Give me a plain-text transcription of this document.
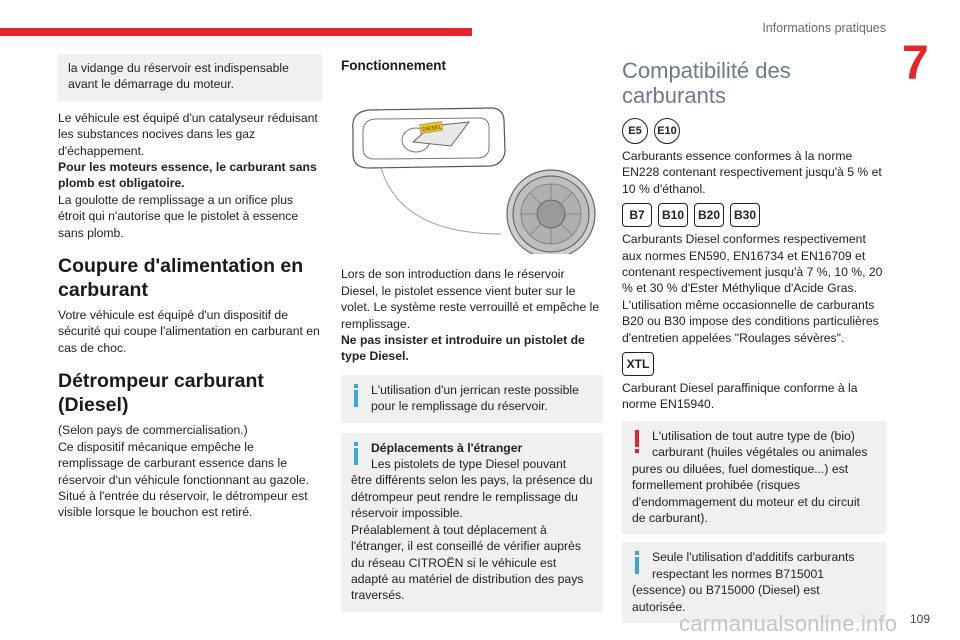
Informations pratiques
7

la vidange du réservoir est indispensable avant le démarrage du moteur.

Le véhicule est équipé d'un catalyseur réduisant les substances nocives dans les gaz d'échappement.

Pour les moteurs essence, le carburant sans plomb est obligatoire.

La goulotte de remplissage a un orifice plus étroit qui n'autorise que le pistolet à essence sans plomb.

Coupure d'alimentation en carburant

Votre véhicule est équipé d'un dispositif de sécurité qui coupe l'alimentation en carburant en cas de choc.

Détrompeur carburant (Diesel)

(Selon pays de commercialisation.)

Ce dispositif mécanique empêche le remplissage de carburant essence dans le réservoir d'un véhicule fonctionnant au gazole.

Situé à l'entrée du réservoir, le détrompeur est visible lorsque le bouchon est retiré.

Fonctionnement
DIESEL

Lors de son introduction dans le réservoir Diesel, le pistolet essence vient buter sur le volet. Le système reste verrouillé et empêche le remplissage.

Ne pas insister et introduire un pistolet de type Diesel.

L'utilisation d'un jerrican reste possible pour le remplissage du réservoir.

Déplacements à l'étranger

Les pistolets de type Diesel pouvant

être différents selon les pays, la présence du détrompeur peut rendre le remplissage du réservoir impossible.

Préalablement à tout déplacement à l'étranger, il est conseillé de vérifier auprès du réseau CITROËN si le véhicule est adapté au matériel de distribution des pays traversés.

Compatibilité des carburants
E5	E10

Carburants essence conformes à la norme EN228 contenant respectivement jusqu'à 5 % et 10 % d'éthanol.

B7	B10	B20	B30

Carburants Diesel conformes respectivement aux normes EN590, EN16734 et EN16709 et contenant respectivement jusqu'à 7 %, 10 %, 20 % et 30 % d'Ester Méthylique d'Acide Gras. L'utilisation même occasionnelle de carburants B20 ou B30 impose des conditions particulières d'entretien appelées "Roulages sévères".

XTL

Carburant Diesel paraffinique conforme à la norme EN15940.

L'utilisation de tout autre type de (bio)

carburant (huiles végétales ou animales

pures ou diluées, fuel domestique...) est formellement prohibée (risques d'endommagement du moteur et du circuit de carburant).

Seule l'utilisation d'additifs carburants

respectant les normes B715001

(essence) ou B715000 (Diesel) est autorisée.

carmanualsonline.info 109
